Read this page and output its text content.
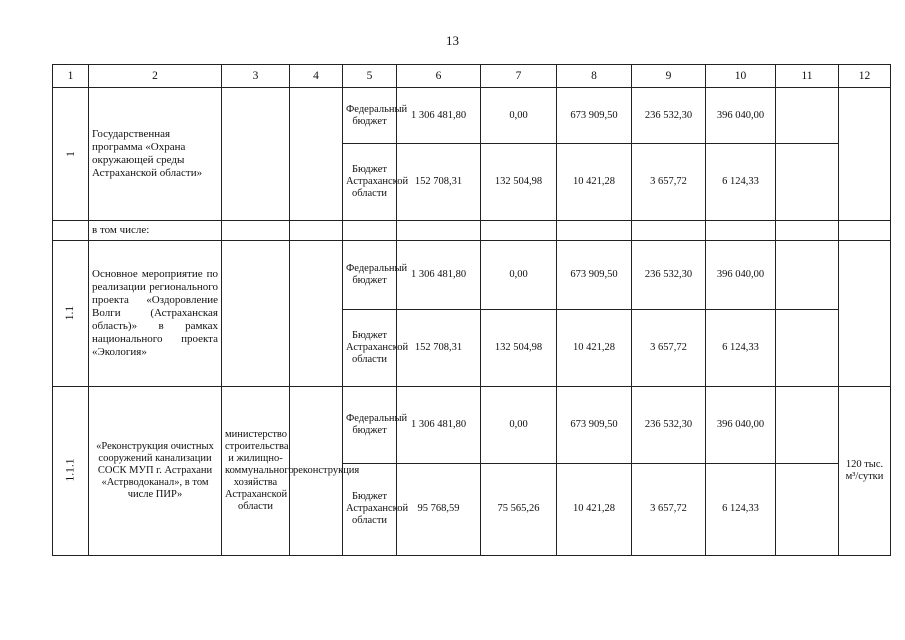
13
1	2	3	4	5	6	7	8	9	10	11	12
1	Государственная программа «Охрана окружающей среды Астраханской области»			Федеральный бюджет	1 306 481,80	0,00	673 909,50	236 532,30	396 040,00		
				Бюджет Астраханской области	152 708,31	132 504,98	10 421,28	3 657,72	6 124,33		
	в том числе:										
1.1	Основное мероприятие по реализации регионального проекта «Оздоровление Волги (Астраханская область)» в рамках национального проекта «Экология»			Федеральный бюджет	1 306 481,80	0,00	673 909,50	236 532,30	396 040,00		
				Бюджет Астраханской области	152 708,31	132 504,98	10 421,28	3 657,72	6 124,33		
1.1.1	«Реконструкция очистных сооружений канализации СОСК МУП г. Астрахани «Астрводоканал», в том числе ПИР»	министерство строительства и жилищно-коммунального хозяйства Астраханской области	реконструкция	Федеральный бюджет	1 306 481,80	0,00	673 909,50	236 532,30	396 040,00		120 тыс. м³/сутки
				Бюджет Астраханской области	95 768,59	75 565,26	10 421,28	3 657,72	6 124,33		
